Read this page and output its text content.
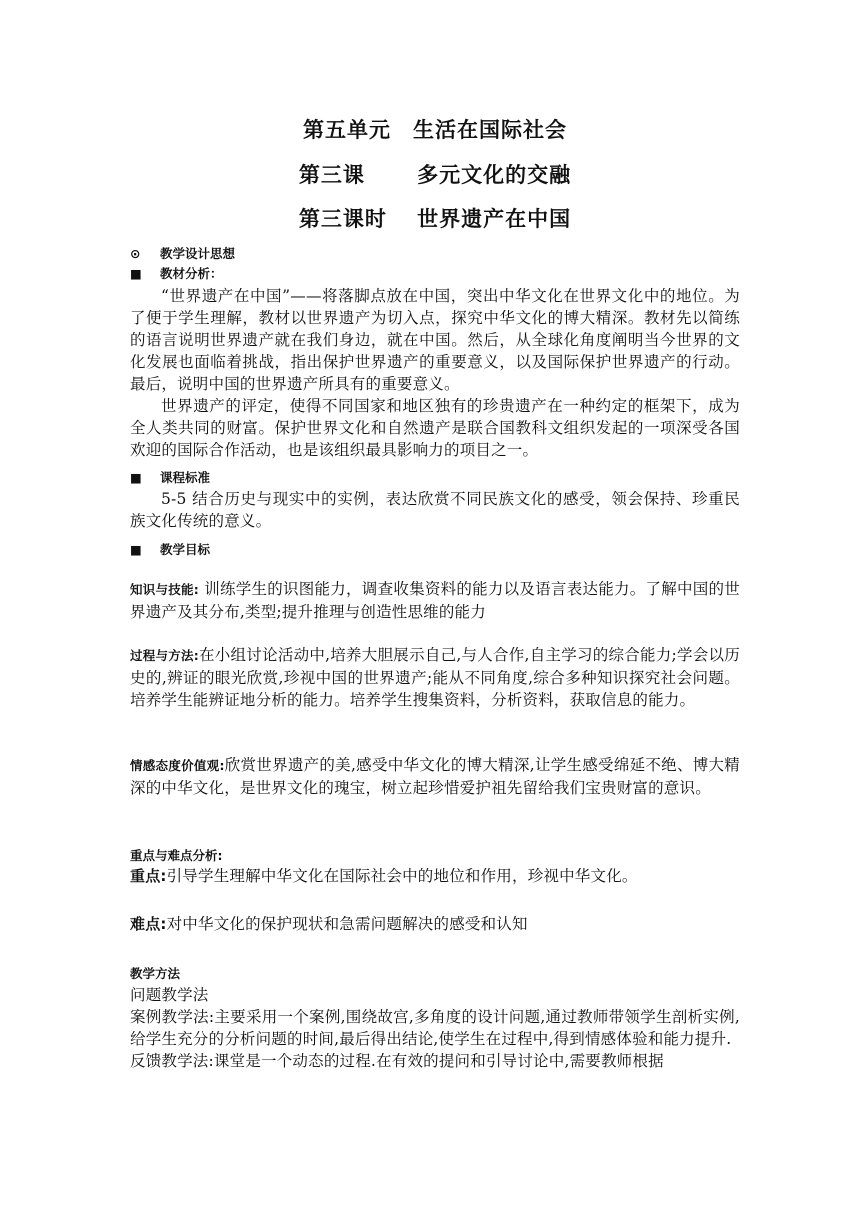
第五单元　生活在国际社会
第三课　　 多元文化的交融
第三课时　 世界遗产在中国
⊙ 教学设计思想
■ 教材分析：

“世界遗产在中国”——将落脚点放在中国，突出中华文化在世界文化中的地位。为了便于学生理解，教材以世界遗产为切入点，探究中华文化的博大精深。教材先以简练的语言说明世界遗产就在我们身边，就在中国。然后，从全球化角度阐明当今世界的文化发展也面临着挑战，指出保护世界遗产的重要意义，以及国际保护世界遗产的行动。最后，说明中国的世界遗产所具有的重要意义。

世界遗产的评定，使得不同国家和地区独有的珍贵遗产在一种约定的框架下，成为全人类共同的财富。保护世界文化和自然遗产是联合国教科文组织发起的一项深受各国欢迎的国际合作活动，也是该组织最具影响力的项目之一。

■ 课程标准

5-5 结合历史与现实中的实例，表达欣赏不同民族文化的感受，领会保持、珍重民族文化传统的意义。

■ 教学目标

知识与技能: 训练学生的识图能力，调查收集资料的能力以及语言表达能力。了解中国的世界遗产及其分布,类型;提升推理与创造性思维的能力

过程与方法:在小组讨论活动中,培养大胆展示自己,与人合作,自主学习的综合能力;学会以历史的,辨证的眼光欣赏,珍视中国的世界遗产;能从不同角度,综合多种知识探究社会问题。培养学生能辨证地分析的能力。培养学生搜集资料，分析资料，获取信息的能力。

情感态度价值观:欣赏世界遗产的美,感受中华文化的博大精深,让学生感受绵延不绝、博大精深的中华文化，是世界文化的瑰宝，树立起珍惜爱护祖先留给我们宝贵财富的意识。

重点与难点分析:

重点:引导学生理解中华文化在国际社会中的地位和作用，珍视中华文化。

难点:对中华文化的保护现状和急需问题解决的感受和认知

教学方法

问题教学法

案例教学法:主要采用一个案例,围绕故宫,多角度的设计问题,通过教师带领学生剖析实例,给学生充分的分析问题的时间,最后得出结论,使学生在过程中,得到情感体验和能力提升.

反馈教学法:课堂是一个动态的过程.在有效的提问和引导讨论中,需要教师根据
